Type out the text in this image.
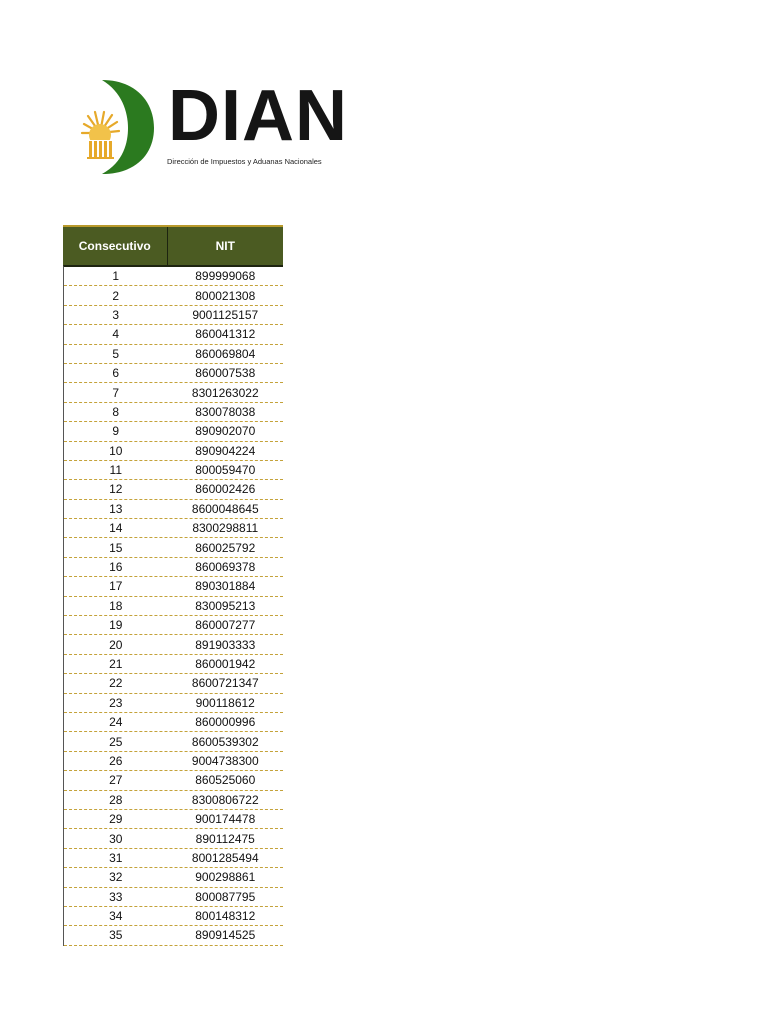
DIAN
Dirección de Impuestos y Aduanas Nacionales
Consecutivo	NIT
1	899999068
2	800021308
3	9001125157
4	860041312
5	860069804
6	860007538
7	8301263022
8	830078038
9	890902070
10	890904224
11	800059470
12	860002426
13	8600048645
14	8300298811
15	860025792
16	860069378
17	890301884
18	830095213
19	860007277
20	891903333
21	860001942
22	8600721347
23	900118612
24	860000996
25	8600539302
26	9004738300
27	860525060
28	8300806722
29	900174478
30	890112475
31	8001285494
32	900298861
33	800087795
34	800148312
35	890914525
